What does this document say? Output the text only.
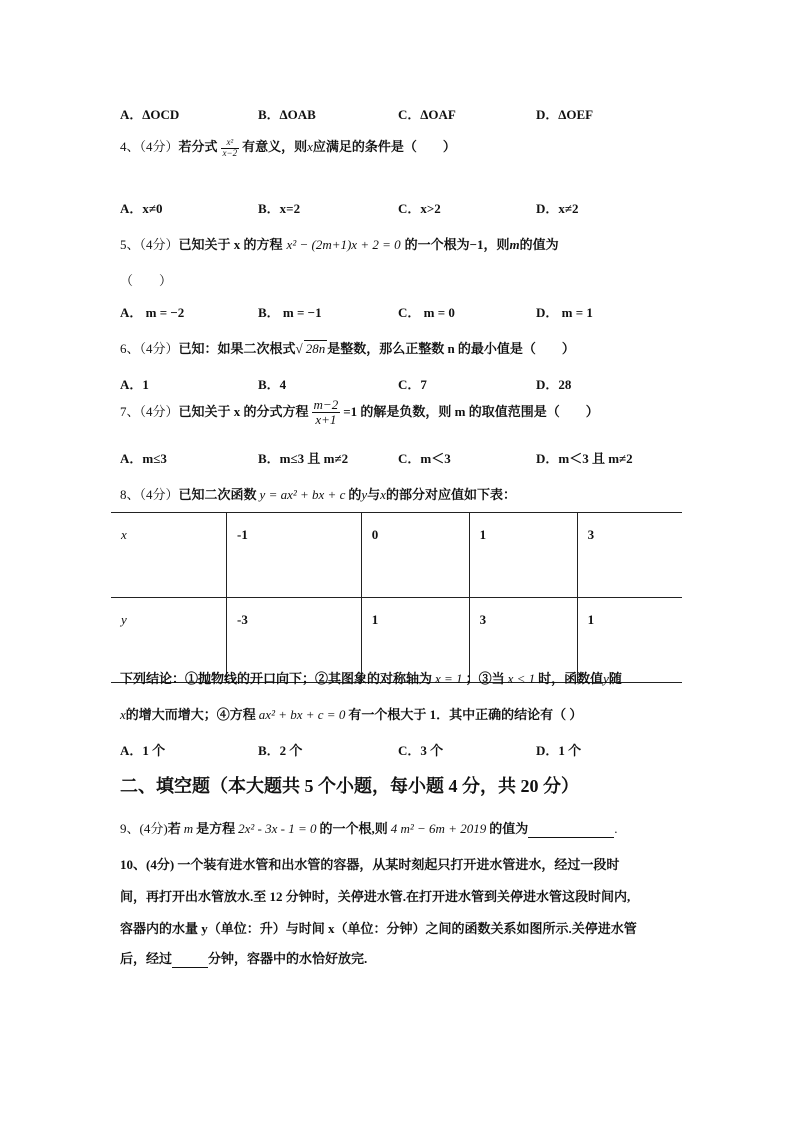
A．∆OCD	B．∆OAB	C．∆OAF	D．∆OEF
4、（4分）若分式 $\frac{\text{x²}}{x-2}$ 有意义，则x应满足的条件是（　　）
A．x≠0	B．x=2	C．x>2	D．x≠2
5、（4分）已知关于 x 的方程 x² − (2m+1)x + 2 = 0 的一个根为−1，则m的值为
（　　）
A． m = −2	B． m = −1	C． m = 0	D． m = 1
6、（4分）已知：如果二次根式√ 28n 是整数，那么正整数 n 的最小值是（　　）
A．1	B．4	C．7	D．28
7、（4分）已知关于 x 的分式方程 $\frac{m-2}{x+1} =1$ 的解是负数，则 m 的取值范围是（　　）
A．m≤3	B．m≤3 且 m≠2	C．m＜3	D．m＜3 且 m≠2
8、（4分）已知二次函数 y = ax² + bx + c 的y与x的部分对应值如下表：
x	-1	0	1	3
y	-3	1	3	1
下列结论：①抛物线的开口向下；②其图象的对称轴为 x = 1 ；③当 x < 1 时，函数值y随
x的增大而增大；④方程 ax² + bx + c = 0 有一个根大于 1．其中正确的结论有（ ）
A．1 个	B．2 个	C．3 个	D．1 个
二、填空题（本大题共 5 个小题，每小题 4 分，共 20 分）
9、(4分)若 m 是方程 2x² - 3x - 1 = 0 的一个根,则 4 m² − 6m + 2019 的值为	.
10、(4分) 一个装有进水管和出水管的容器，从某时刻起只打开进水管进水，经过一段时
间，再打开出水管放水.至 12 分钟时，关停进水管.在打开进水管到关停进水管这段时间内,
容器内的水量 y（单位：升）与时间 x（单位：分钟）之间的函数关系如图所示.关停进水管
后，经过	分钟，容器中的水恰好放完.
